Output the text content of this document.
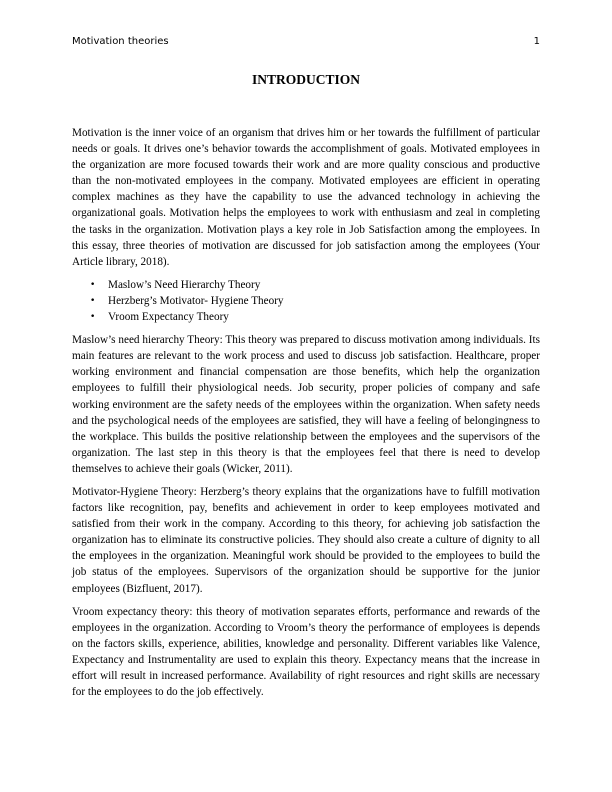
Motivation theories	1
INTRODUCTION

Motivation is the inner voice of an organism that drives him or her towards the fulfillment of particular needs or goals. It drives one’s behavior towards the accomplishment of goals. Motivated employees in the organization are more focused towards their work and are more quality conscious and productive than the non-motivated employees in the company. Motivated employees are efficient in operating complex machines as they have the capability to use the advanced technology in achieving the organizational goals. Motivation helps the employees to work with enthusiasm and zeal in completing the tasks in the organization. Motivation plays a key role in Job Satisfaction among the employees. In this essay, three theories of motivation are discussed for job satisfaction among the employees (Your Article library, 2018).

• Maslow’s Need Hierarchy Theory
• Herzberg’s Motivator- Hygiene Theory
• Vroom Expectancy Theory

Maslow’s need hierarchy Theory: This theory was prepared to discuss motivation among individuals. Its main features are relevant to the work process and used to discuss job satisfaction. Healthcare, proper working environment and financial compensation are those benefits, which help the organization employees to fulfill their physiological needs. Job security, proper policies of company and safe working environment are the safety needs of the employees within the organization. When safety needs and the psychological needs of the employees are satisfied, they will have a feeling of belongingness to the workplace. This builds the positive relationship between the employees and the supervisors of the organization. The last step in this theory is that the employees feel that there is need to develop themselves to achieve their goals (Wicker, 2011).

Motivator-Hygiene Theory: Herzberg’s theory explains that the organizations have to fulfill motivation factors like recognition, pay, benefits and achievement in order to keep employees motivated and satisfied from their work in the company. According to this theory, for achieving job satisfaction the organization has to eliminate its constructive policies. They should also create a culture of dignity to all the employees in the organization. Meaningful work should be provided to the employees to build the job status of the employees. Supervisors of the organization should be supportive for the junior employees (Bizfluent, 2017).

Vroom expectancy theory: this theory of motivation separates efforts, performance and rewards of the employees in the organization. According to Vroom’s theory the performance of employees is depends on the factors skills, experience, abilities, knowledge and personality. Different variables like Valence, Expectancy and Instrumentality are used to explain this theory. Expectancy means that the increase in effort will result in increased performance. Availability of right resources and right skills are necessary for the employees to do the job effectively.
